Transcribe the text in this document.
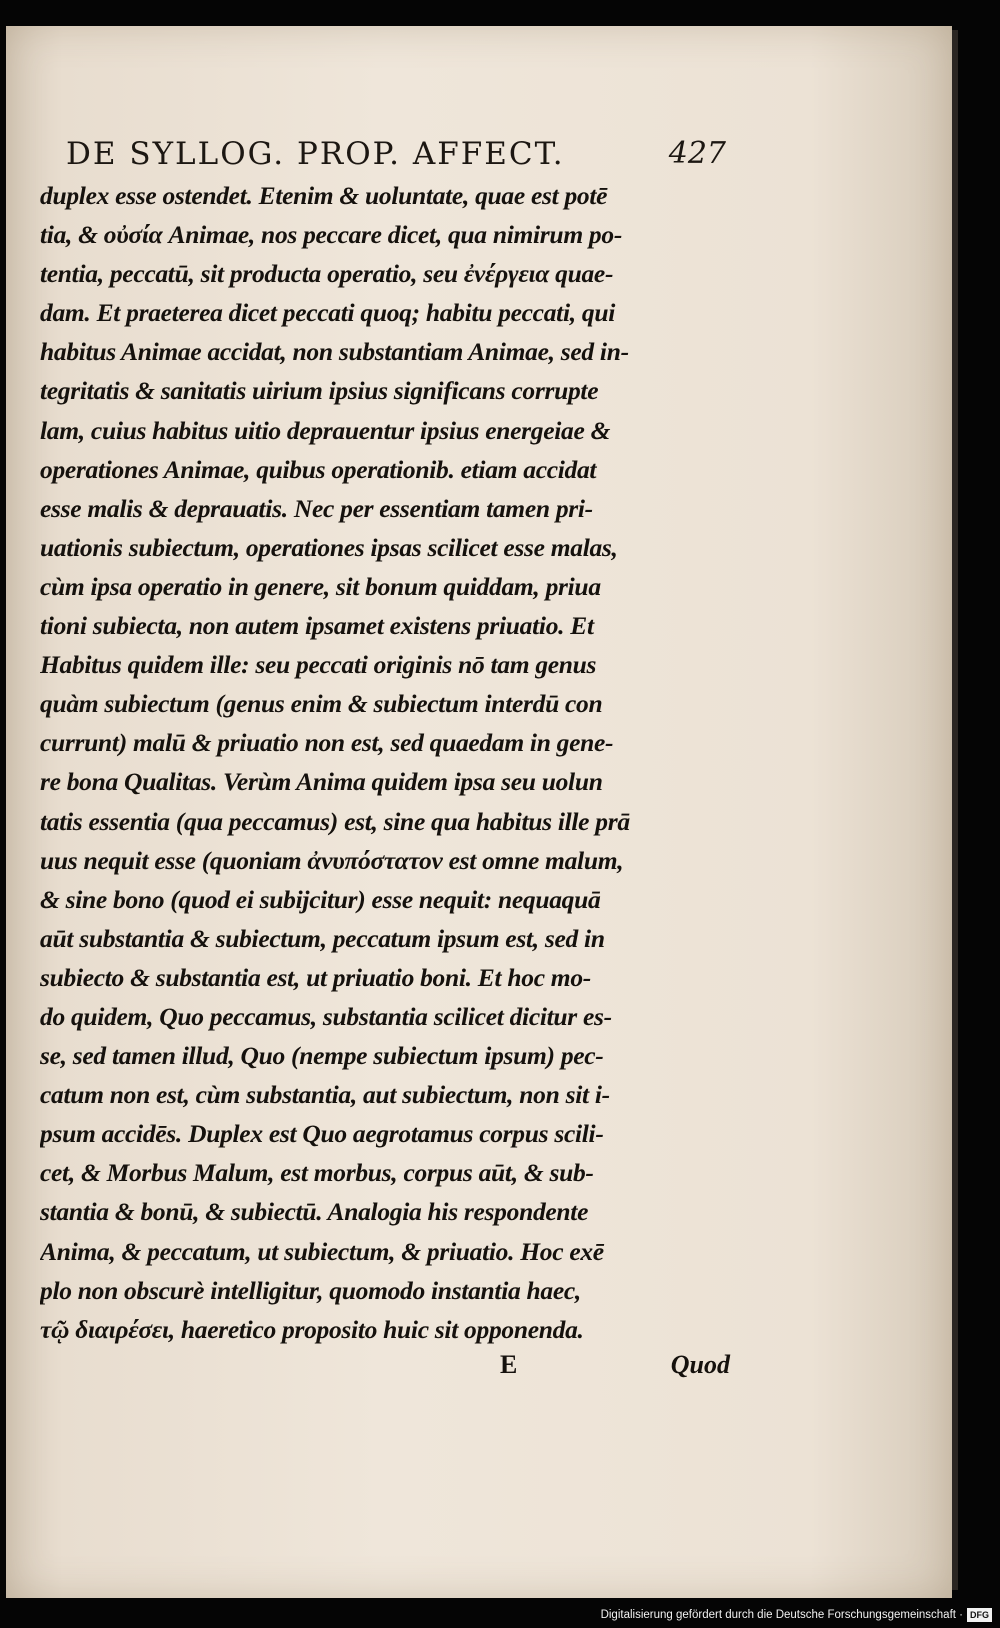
DE SYLLOG. PROP. AFFECT.	427
duplex esse ostendet. Etenim & uoluntate, quae est potē
tia, & οὐσία Animae, nos peccare dicet, qua nimirum po-
tentia, peccatū, sit producta operatio, seu ἐνέργεια quae-
dam. Et praeterea dicet peccati quoq; habitu peccati, qui
habitus Animae accidat, non substantiam Animae, sed in-
tegritatis & sanitatis uirium ipsius significans corrupte
lam, cuius habitus uitio deprauentur ipsius energeiae &
operationes Animae, quibus operationib. etiam accidat
esse malis & deprauatis. Nec per essentiam tamen pri-
uationis subiectum, operationes ipsas scilicet esse malas,
cùm ipsa operatio in genere, sit bonum quiddam, priua
tioni subiecta, non autem ipsamet existens priuatio. Et
Habitus quidem ille: seu peccati originis nō tam genus
quàm subiectum (genus enim & subiectum interdū con
currunt) malū & priuatio non est, sed quaedam in gene-
re bona Qualitas. Verùm Anima quidem ipsa seu uolun
tatis essentia (qua peccamus) est, sine qua habitus ille prā
uus nequit esse (quoniam ἀνυπόστατον est omne malum,
& sine bono (quod ei subijcitur) esse nequit: nequaquā
aūt substantia & subiectum, peccatum ipsum est, sed in
subiecto & substantia est, ut priuatio boni. Et hoc mo-
do quidem, Quo peccamus, substantia scilicet dicitur es-
se, sed tamen illud, Quo (nempe subiectum ipsum) pec-
catum non est, cùm substantia, aut subiectum, non sit i-
psum accidēs. Duplex est Quo aegrotamus corpus scili-
cet, & Morbus Malum, est morbus, corpus aūt, & sub-
stantia & bonū, & subiectū. Analogia his respondente
Anima, & peccatum, ut subiectum, & priuatio. Hoc exē
plo non obscurè intelligitur, quomodo instantia haec,
τῷ διαιρέσει, haeretico proposito huic sit opponenda.
E	Quod
Digitalisierung gefördert durch die Deutsche Forschungsgemeinschaft · DFG
